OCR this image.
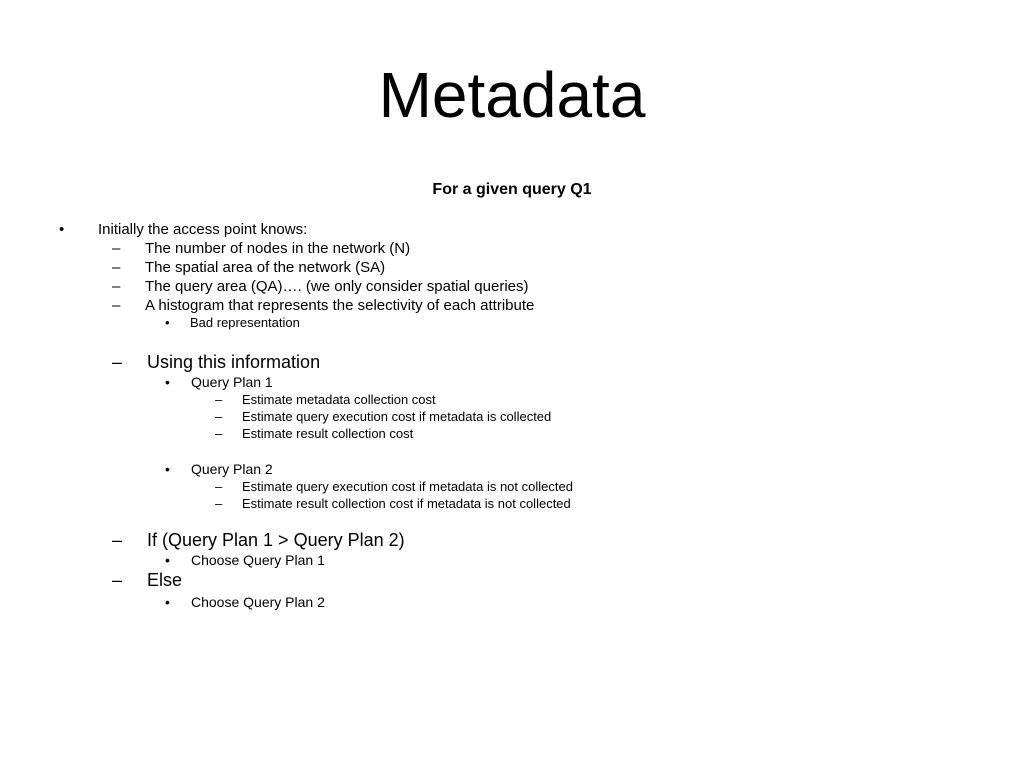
Metadata
For a given query Q1
•	Initially the access point knows:
–	The number of nodes in the network (N)
–	The spatial area of the network (SA)
–	The query area (QA)…. (we only consider spatial queries)
–	A histogram that represents the selectivity of each attribute
•	Bad representation
–	Using this information
•	Query Plan 1
–	Estimate metadata collection cost
–	Estimate query execution cost if metadata is collected
–	Estimate result collection cost
•	Query Plan 2
–	Estimate query execution cost if metadata is not collected
–	Estimate result collection cost if metadata is not collected
–	If (Query Plan 1 > Query Plan 2)
•	Choose Query Plan 1
–	Else
•	Choose Query Plan 2
